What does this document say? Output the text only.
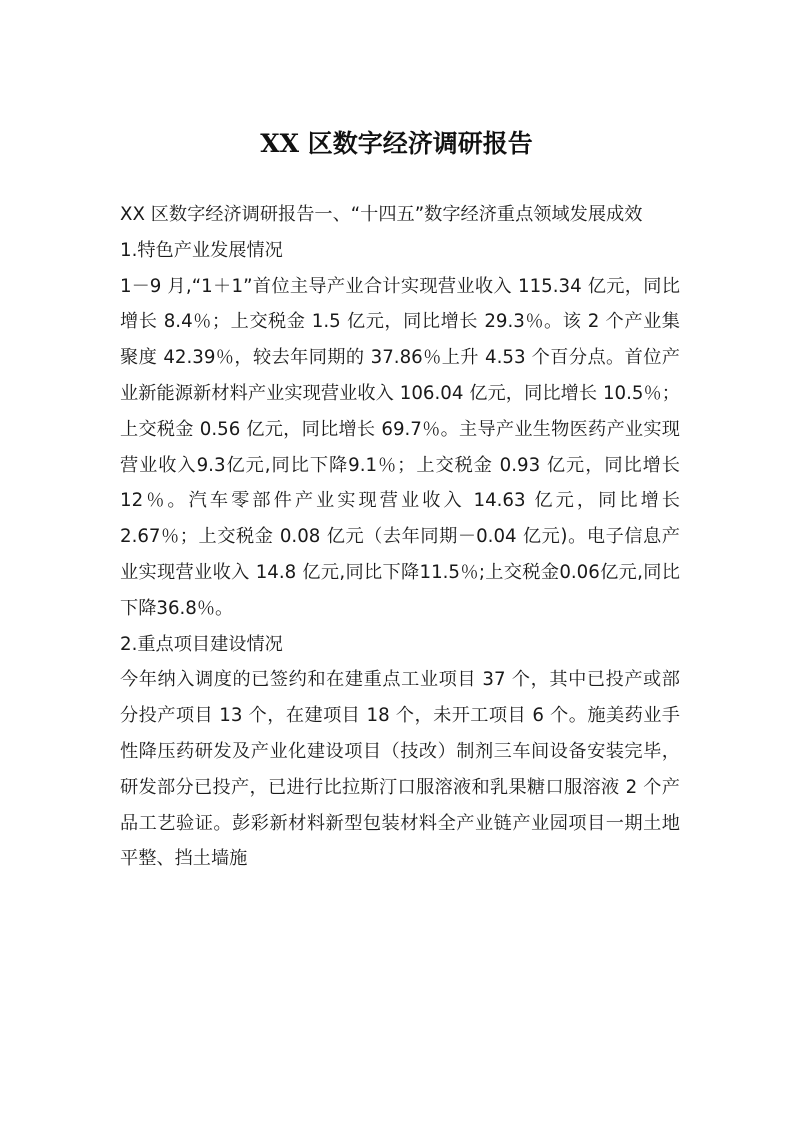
XX 区数字经济调研报告

XX 区数字经济调研报告一、“十四五”数字经济重点领域发展成效

1.特色产业发展情况

1－9 月,“1＋1”首位主导产业合计实现营业收入 115.34 亿元，同比增长 8.4％；上交税金 1.5 亿元，同比增长 29.3％。该 2 个产业集聚度 42.39％，较去年同期的 37.86％上升 4.53 个百分点。首位产业新能源新材料产业实现营业收入 106.04 亿元，同比增长 10.5％；上交税金 0.56 亿元，同比增长 69.7％。主导产业生物医药产业实现营业收入9.3亿元,同比下降9.1％；上交税金 0.93 亿元，同比增长 12％。汽车零部件产业实现营业收入 14.63 亿元，同比增长 2.67％；上交税金 0.08 亿元（去年同期－0.04 亿元)。电子信息产业实现营业收入 14.8 亿元,同比下降11.5％;上交税金0.06亿元,同比下降36.8％。

2.重点项目建设情况

今年纳入调度的已签约和在建重点工业项目 37 个，其中已投产或部分投产项目 13 个，在建项目 18 个，未开工项目 6 个。施美药业手性降压药研发及产业化建设项目（技改）制剂三车间设备安装完毕，研发部分已投产，已进行比拉斯汀口服溶液和乳果糖口服溶液 2 个产品工艺验证。彭彩新材料新型包装材料全产业链产业园项目一期土地平整、挡土墙施
